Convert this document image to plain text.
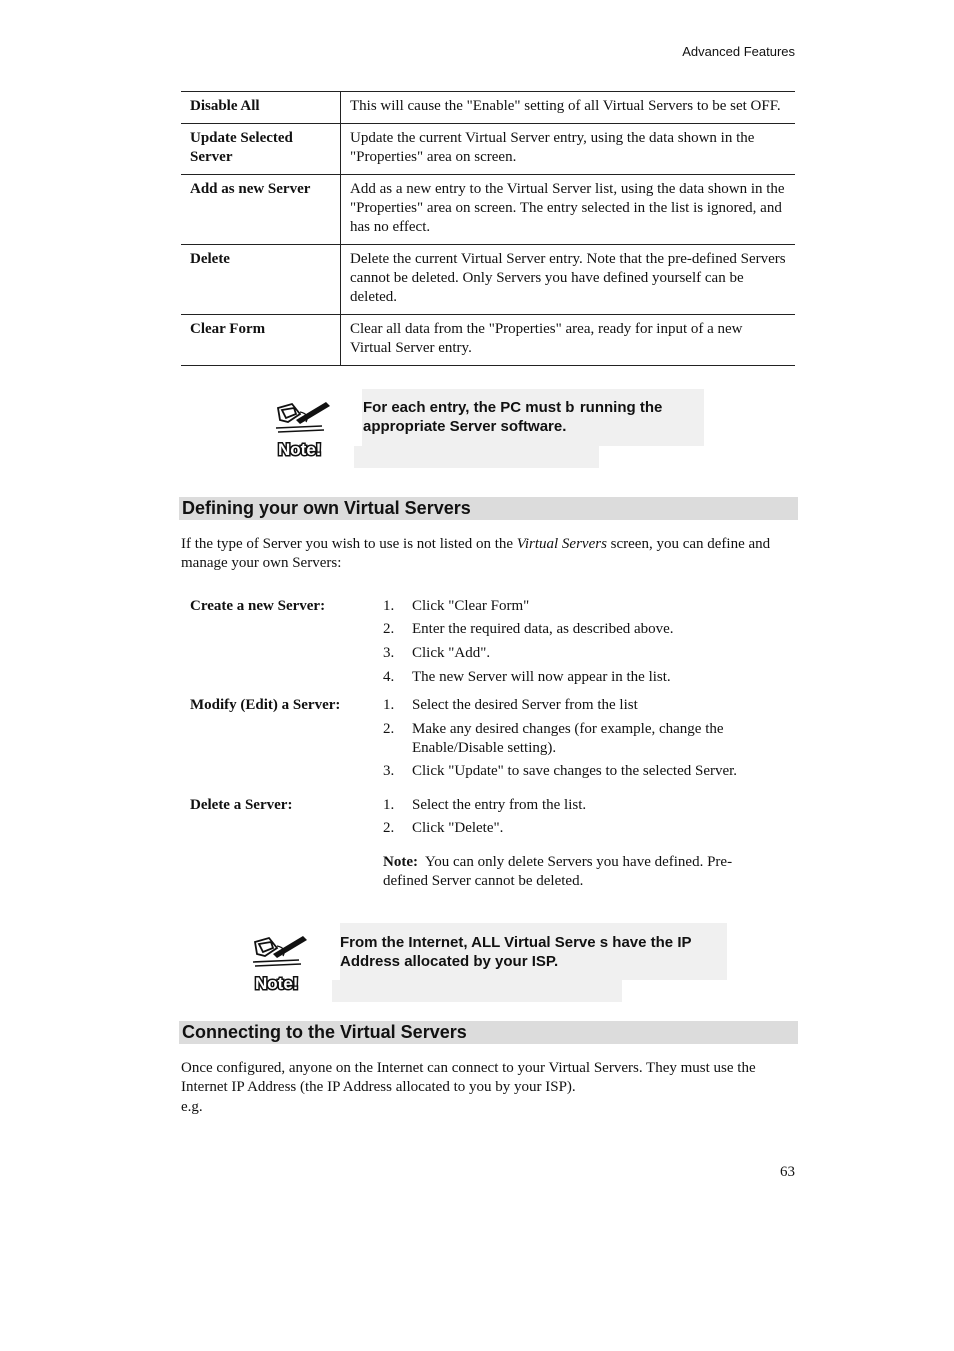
Advanced Features
Disable All	This will cause the "Enable" setting of all Virtual Servers to be set OFF.
Update Selected Server	Update the current Virtual Server entry, using the data shown in the "Properties" area on screen.
Add as new Server	Add as a new entry to the Virtual Server list, using the data shown in the "Properties" area on screen. The entry selected in the list is ignored, and has no effect.
Delete	Delete the current Virtual Server entry. Note that the pre-defined Servers cannot be deleted. Only Servers you have defined yourself can be deleted.
Clear Form	Clear all data from the "Properties" area, ready for input of a new Virtual Server entry.
Note!
For each entry, the PC must b  running the
appropriate Server software.
Defining your own Virtual Servers
If the type of Server you wish to use is not listed on the Virtual Servers screen, you can define and manage your own Servers:
Create a new Server:	1.	Click "Clear Form"
2.	Enter the required data, as described above.
3.	Click "Add".
4.	The new Server will now appear in the list.
Modify (Edit) a Server:	1.	Select the desired Server from the list
2.	Make any desired changes (for example, change the Enable/Disable setting).
3.	Click "Update" to save changes to the selected Server.
Delete a Server:	1.	Select the entry from the list.
2.	Click "Delete".
Note: You can only delete Servers you have defined. Pre-defined Server cannot be deleted.
Note!
From the Internet, ALL Virtual Serve s have the IP
Address allocated by your ISP.
Connecting to the Virtual Servers
Once configured, anyone on the Internet can connect to your Virtual Servers. They must use the Internet IP Address (the IP Address allocated to you by your ISP).
e.g.
63
